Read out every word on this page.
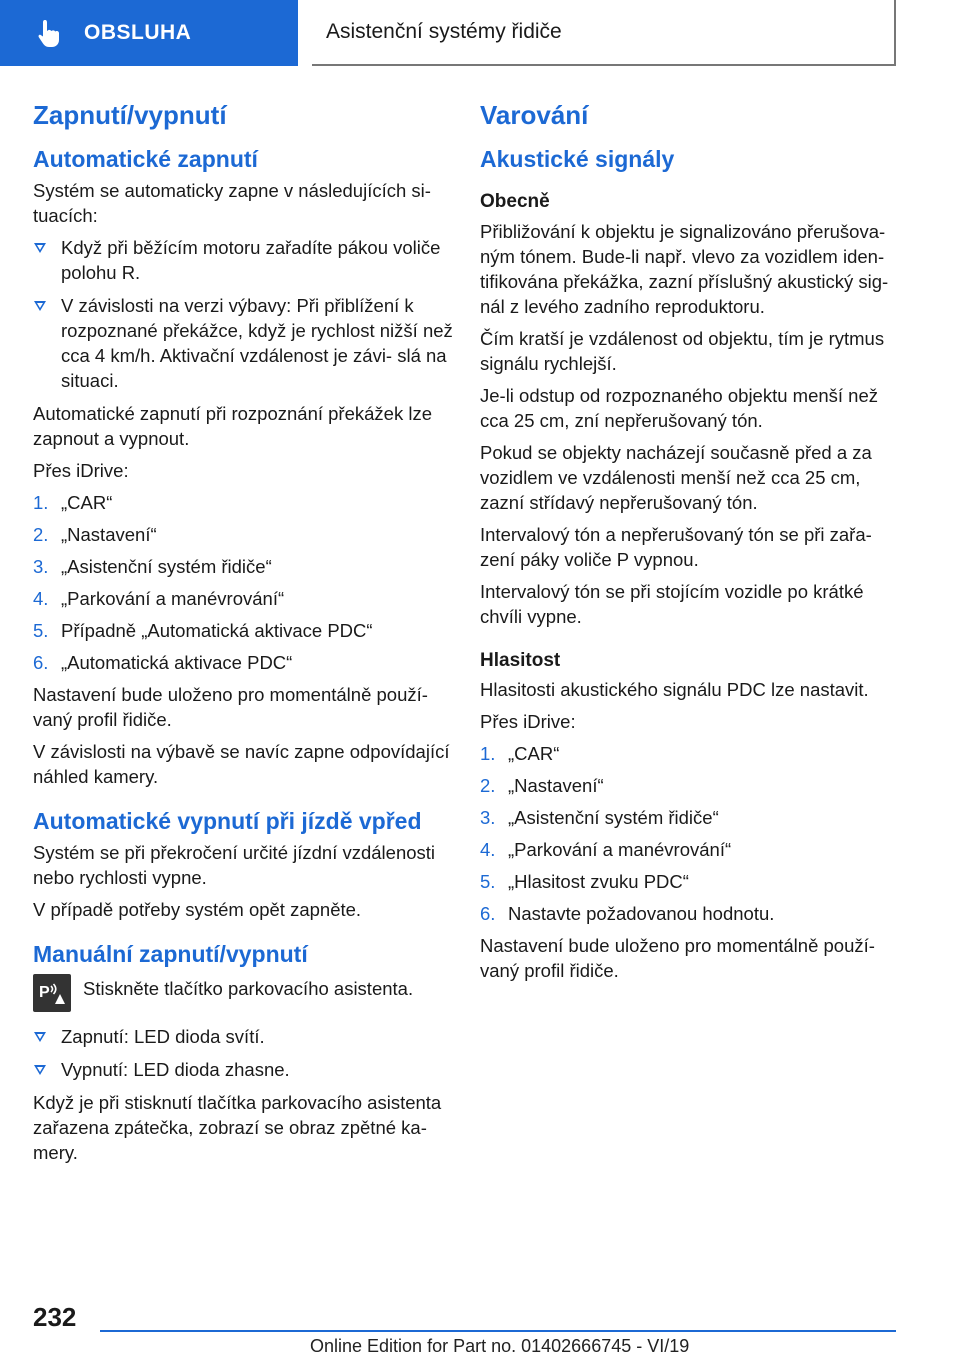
OBSLUHA	Asistenční systémy řidiče
Zapnutí/vypnutí
Automatické zapnutí

Systém se automaticky zapne v následujících si- tuacích:

Když při běžícím motoru zařadíte pákou voliče polohu R.
V závislosti na verzi výbavy: Při přiblížení k rozpoznané překážce, když je rychlost nižší než cca 4 km/h. Aktivační vzdálenost je závi- slá na situaci.

Automatické zapnutí při rozpoznání překážek lze zapnout a vypnout.

Přes iDrive:

1. „CAR“
2. „Nastavení“
3. „Asistenční systém řidiče“
4. „Parkování a manévrování“
5. Případně „Automatická aktivace PDC“
6. „Automatická aktivace PDC“

Nastavení bude uloženo pro momentálně použí- vaný profil řidiče.

V závislosti na výbavě se navíc zapne odpovídající náhled kamery.

Automatické vypnutí při jízdě vpřed

Systém se při překročení určité jízdní vzdálenosti nebo rychlosti vypne.

V případě potřeby systém opět zapněte.

Manuální zapnutí/vypnutí
P Stiskněte tlačítko parkovacího asistenta.

Zapnutí: LED dioda svítí.
Vypnutí: LED dioda zhasne.

Když je při stisknutí tlačítka parkovacího asistenta zařazena zpátečka, zobrazí se obraz zpětné ka- mery.

Varování
Akustické signály
Obecně

Přibližování k objektu je signalizováno přerušova- ným tónem. Bude-li např. vlevo za vozidlem iden- tifikována překážka, zazní příslušný akustický sig- nál z levého zadního reproduktoru.

Čím kratší je vzdálenost od objektu, tím je rytmus signálu rychlejší.

Je-li odstup od rozpoznaného objektu menší než cca 25 cm, zní nepřerušovaný tón.

Pokud se objekty nacházejí současně před a za vozidlem ve vzdálenosti menší než cca 25 cm, zazní střídavý nepřerušovaný tón.

Intervalový tón a nepřerušovaný tón se při zařa- zení páky voliče P vypnou.

Intervalový tón se při stojícím vozidle po krátké chvíli vypne.

Hlasitost

Hlasitosti akustického signálu PDC lze nastavit.

Přes iDrive:

1. „CAR“
2. „Nastavení“
3. „Asistenční systém řidiče“
4. „Parkování a manévrování“
5. „Hlasitost zvuku PDC“
6. Nastavte požadovanou hodnotu.

Nastavení bude uloženo pro momentálně použí- vaný profil řidiče.

232
Online Edition for Part no. 01402666745 - VI/19
